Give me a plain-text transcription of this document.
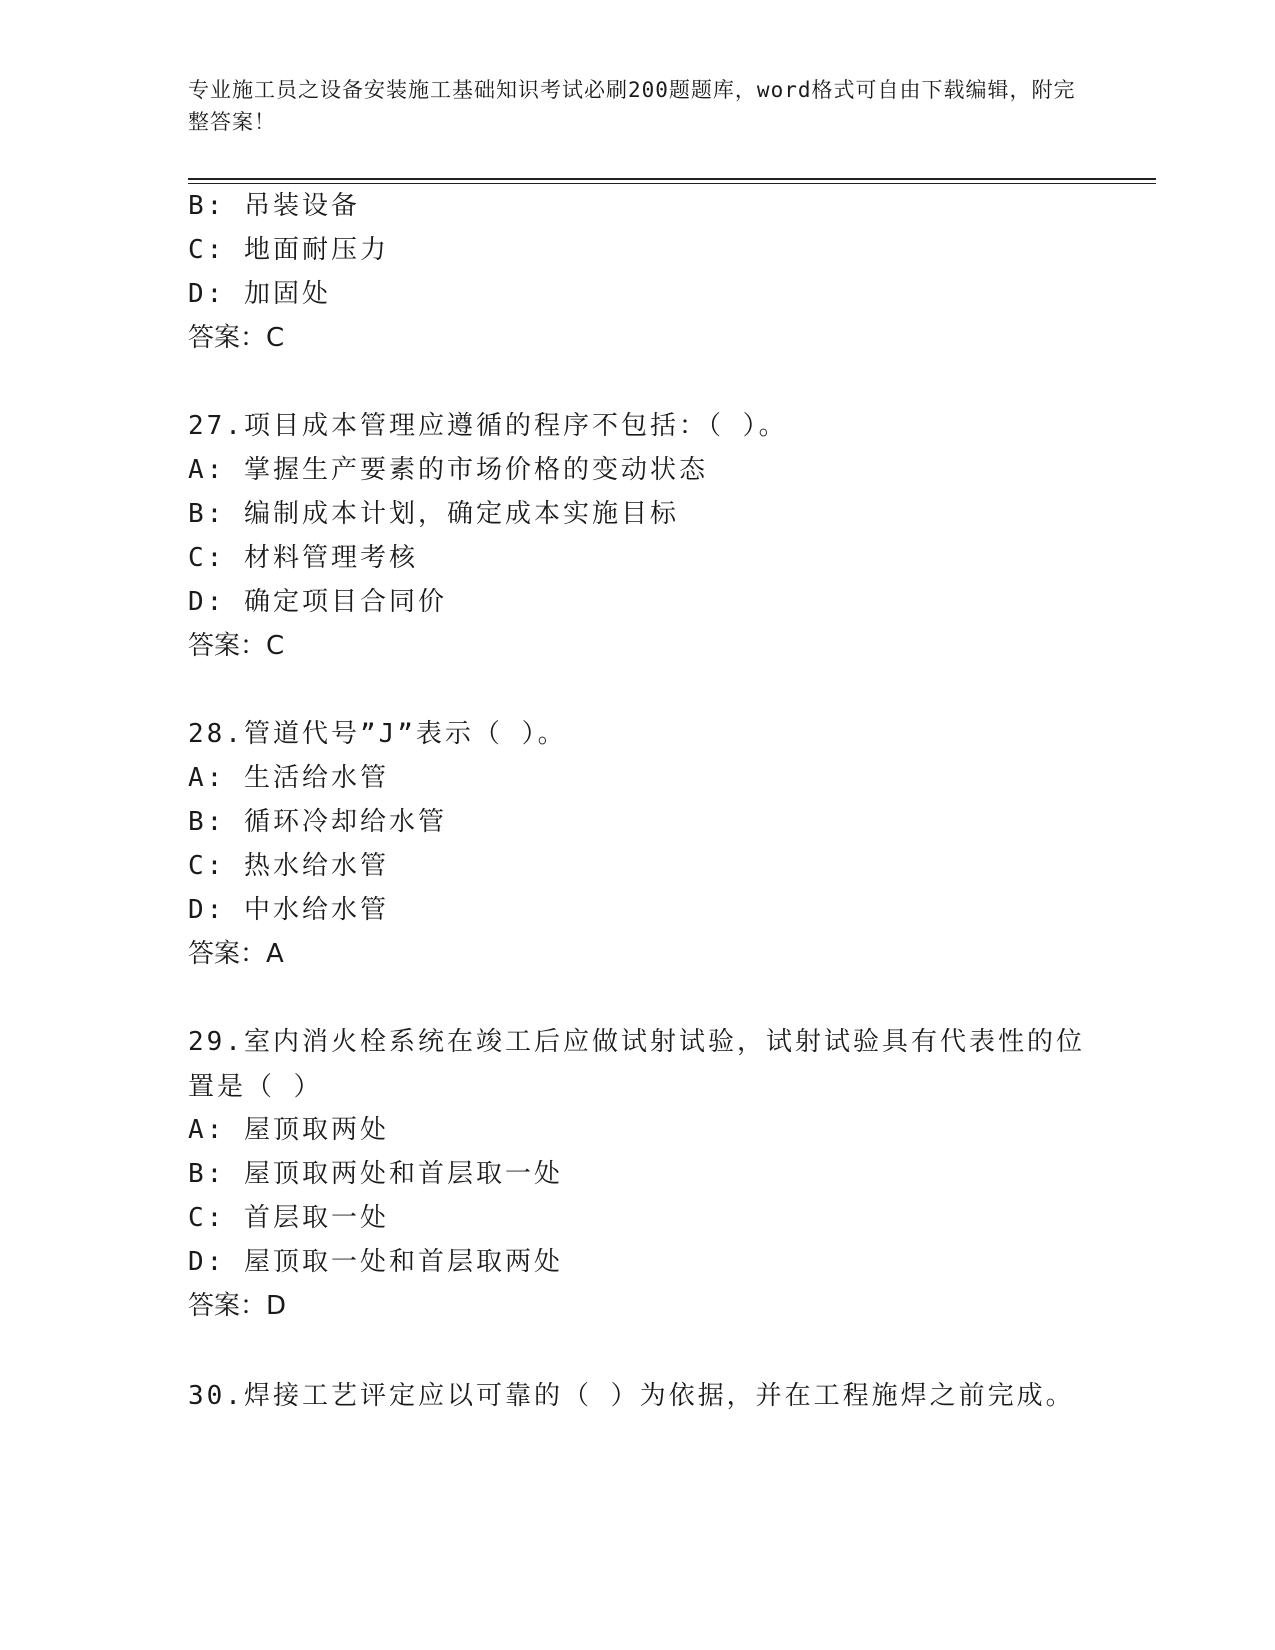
专业施工员之设备安装施工基础知识考试必刷200题题库，word格式可自由下载编辑，附完整答案！
B: 吊装设备
C: 地面耐压力
D: 加固处
答案：C
27.项目成本管理应遵循的程序不包括：（ ）。
A: 掌握生产要素的市场价格的变动状态
B: 编制成本计划，确定成本实施目标
C: 材料管理考核
D: 确定项目合同价
答案：C
28.管道代号”J”表示（ ）。
A: 生活给水管
B: 循环冷却给水管
C: 热水给水管
D: 中水给水管
答案：A
29.室内消火栓系统在竣工后应做试射试验，试射试验具有代表性的位置是（ ）
A: 屋顶取两处
B: 屋顶取两处和首层取一处
C: 首层取一处
D: 屋顶取一处和首层取两处
答案：D
30.焊接工艺评定应以可靠的（ ）为依据，并在工程施焊之前完成。
